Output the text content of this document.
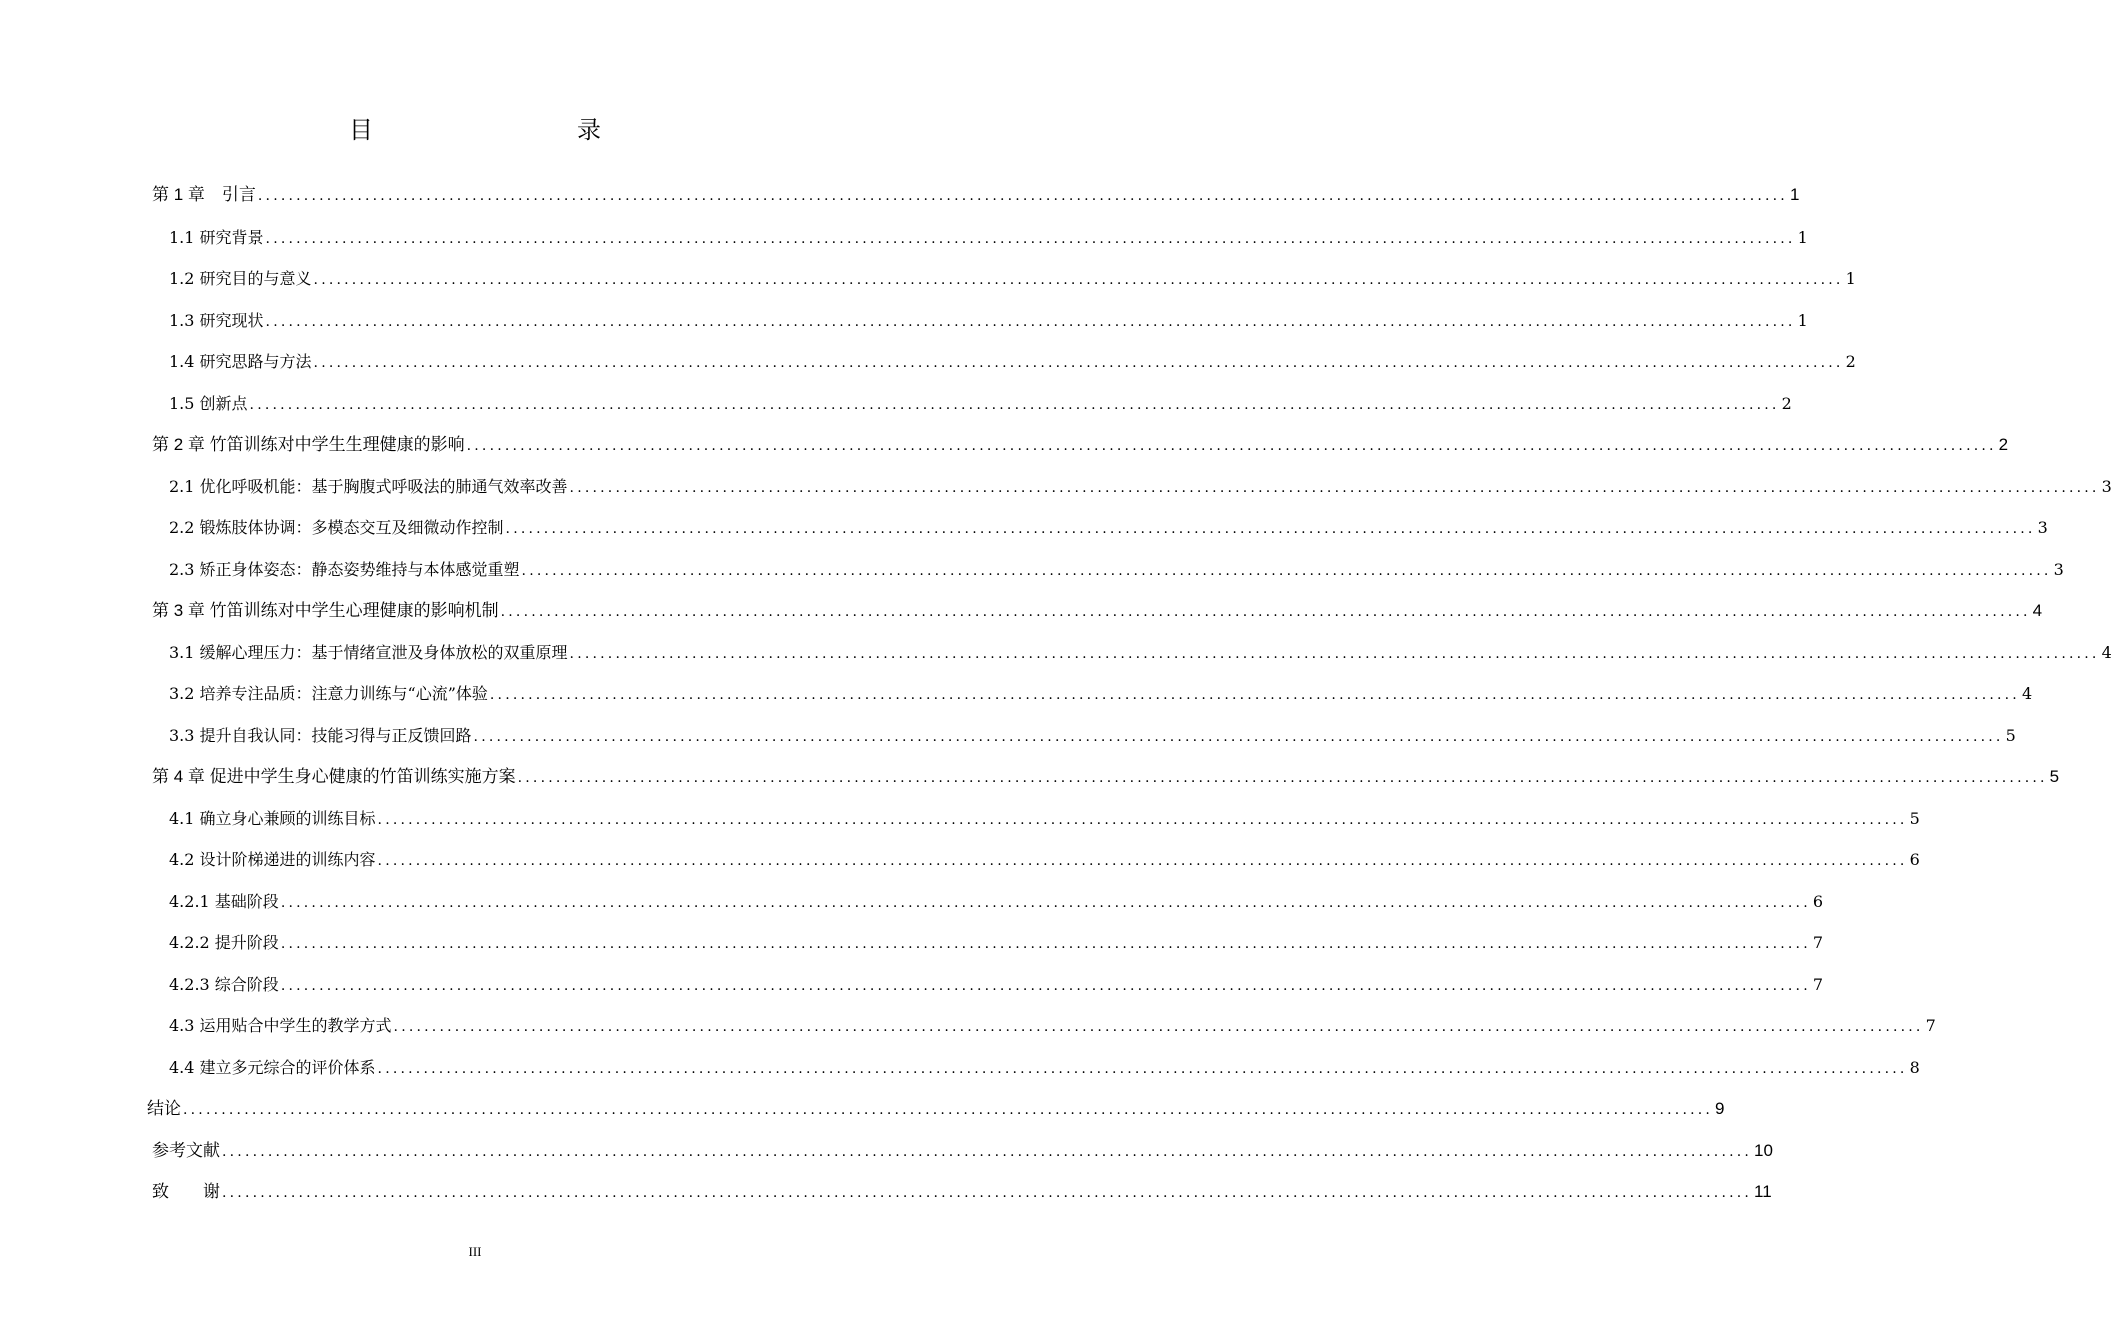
目　　录
第 1 章　引言 ........................................................................................................................................................................................................ 1
1.1 研究背景 ........................................................................................................................................................................................................ 1
1.2 研究目的与意义 ........................................................................................................................................................................................................ 1
1.3 研究现状 ........................................................................................................................................................................................................ 1
1.4 研究思路与方法 ........................................................................................................................................................................................................ 2
1.5 创新点 ........................................................................................................................................................................................................ 2
第 2 章 竹笛训练对中学生生理健康的影响 ........................................................................................................................................................................................................ 2
2.1 优化呼吸机能：基于胸腹式呼吸法的肺通气效率改善 ........................................................................................................................................................................................................ 3
2.2 锻炼肢体协调：多模态交互及细微动作控制 ........................................................................................................................................................................................................ 3
2.3 矫正身体姿态：静态姿势维持与本体感觉重塑 ........................................................................................................................................................................................................ 3
第 3 章 竹笛训练对中学生心理健康的影响机制 ........................................................................................................................................................................................................ 4
3.1 缓解心理压力：基于情绪宣泄及身体放松的双重原理 ........................................................................................................................................................................................................ 4
3.2 培养专注品质：注意力训练与“心流”体验 ........................................................................................................................................................................................................ 4
3.3 提升自我认同：技能习得与正反馈回路 ........................................................................................................................................................................................................ 5
第 4 章 促进中学生身心健康的竹笛训练实施方案 ........................................................................................................................................................................................................ 5
4.1 确立身心兼顾的训练目标 ........................................................................................................................................................................................................ 5
4.2 设计阶梯递进的训练内容 ........................................................................................................................................................................................................ 6
4.2.1 基础阶段 ........................................................................................................................................................................................................ 6
4.2.2 提升阶段 ........................................................................................................................................................................................................ 7
4.2.3 综合阶段 ........................................................................................................................................................................................................ 7
4.3 运用贴合中学生的教学方式 ........................................................................................................................................................................................................ 7
4.4 建立多元综合的评价体系 ........................................................................................................................................................................................................ 8
结论 ........................................................................................................................................................................................................ 9
参考文献 ........................................................................................................................................................................................................ 10
致　　谢 ........................................................................................................................................................................................................ 11
III
